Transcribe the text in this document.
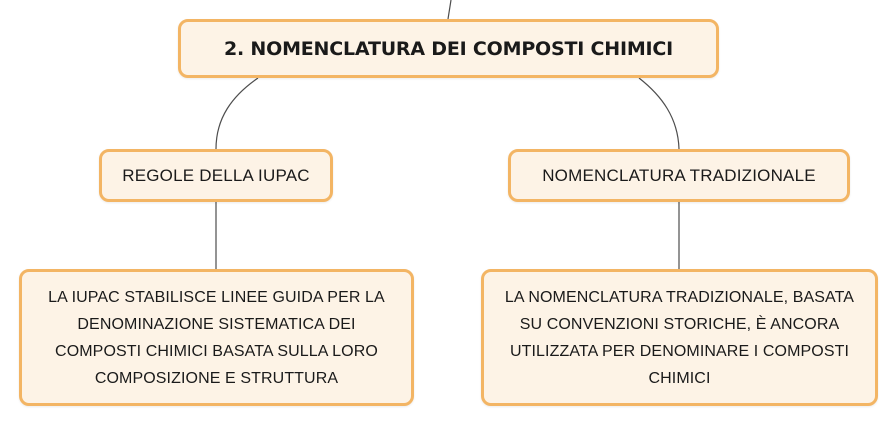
2. NOMENCLATURA DEI COMPOSTI CHIMICI
REGOLE DELLA IUPAC	NOMENCLATURA TRADIZIONALE
LA IUPAC STABILISCE LINEE GUIDA PER LA DENOMINAZIONE SISTEMATICA DEI COMPOSTI CHIMICI BASATA SULLA LORO COMPOSIZIONE E STRUTTURA
LA NOMENCLATURA TRADIZIONALE, BASATA SU CONVENZIONI STORICHE, È ANCORA UTILIZZATA PER DENOMINARE I COMPOSTI CHIMICI
